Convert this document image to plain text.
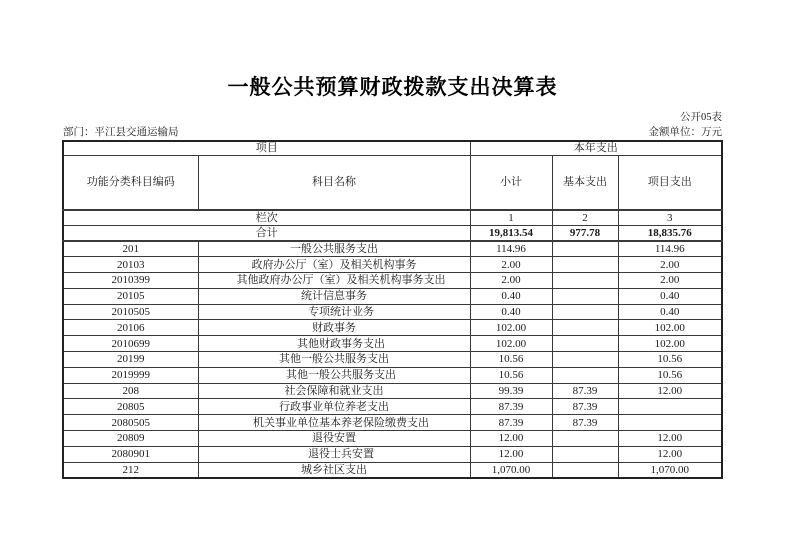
一般公共预算财政拨款支出决算表
公开05表
部门：平江县交通运输局	金额单位：万元
项目		本年支出		
功能分类科目编码	科目名称	小计	基本支出	项目支出
栏次		1	2	3
合计		19,813.54	977.78	18,835.76
201	一般公共服务支出	114.96		114.96
20103	政府办公厅（室）及相关机构事务	2.00		2.00
2010399	其他政府办公厅（室）及相关机构事务支出	2.00		2.00
20105	统计信息事务	0.40		0.40
2010505	专项统计业务	0.40		0.40
20106	财政事务	102.00		102.00
2010699	其他财政事务支出	102.00		102.00
20199	其他一般公共服务支出	10.56		10.56
2019999	其他一般公共服务支出	10.56		10.56
208	社会保障和就业支出	99.39	87.39	12.00
20805	行政事业单位养老支出	87.39	87.39	
2080505	机关事业单位基本养老保险缴费支出	87.39	87.39	
20809	退役安置	12.00		12.00
2080901	退役士兵安置	12.00		12.00
212	城乡社区支出	1,070.00		1,070.00
